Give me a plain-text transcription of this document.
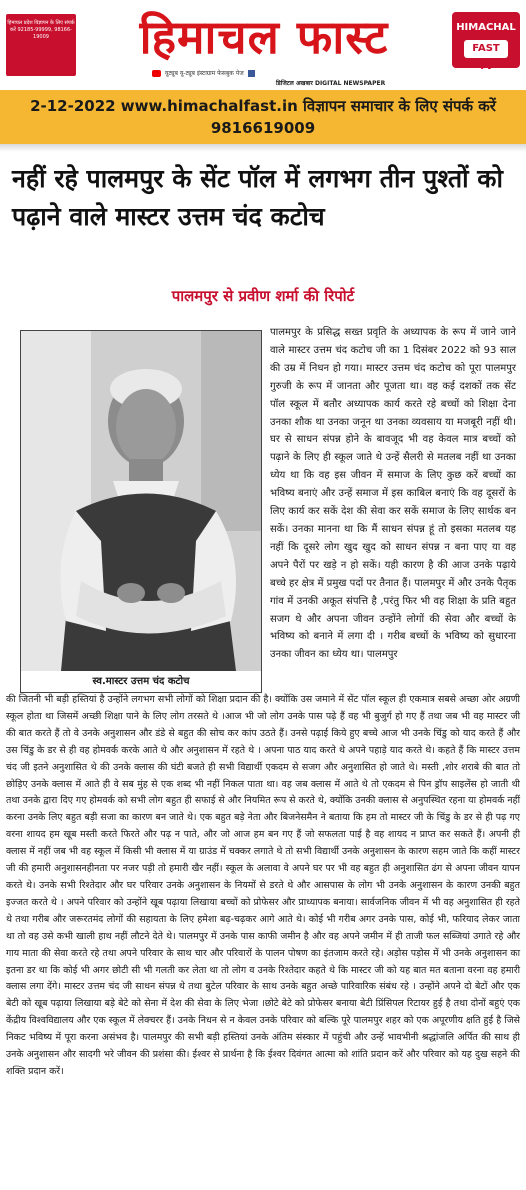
हिमाचल प्रदेश विज्ञापन के लिए संपर्क करें 92185-99999, 98166-19009	हिमाचल फास्ट	HIMACHAL
FAST TV
यूट्यूब यू-ट्यूब इंस्टाग्राम फेसबुक पेज
डिजिटल अखबार DIGITAL NEWSPAPER
2-12-2022 www.himachalfast.in विज्ञापन समाचार के लिए संपर्क करें
9816619009
नहीं रहे पालमपुर के सेंट पॉल में लगभग तीन पुश्तों को पढ़ाने वाले मास्टर उत्तम चंद कटोच
पालमपुर से प्रवीण शर्मा की रिपोर्ट
स्व.मास्टर उत्तम चंद कटोच

पालमपुर के प्रसिद्ध सख्त प्रवृति के अध्यापक के रूप में जाने जाने वाले मास्टर उत्तम चंद कटोच जी का 1 दिसंबर 2022 को 93 साल की उम्र में निधन हो गया। मास्टर उत्तम चंद कटोच को पूरा पालमपुर गुरुजी के रूप में जानता और पूजता था। वह कई दशकों तक सेंट पॉल स्कूल में बतौर अध्यापक कार्य करते रहे बच्चों को शिक्षा देना उनका शौक था उनका जनून था उनका व्यवसाय या मजबूरी नहीं थी। घर से साधन संपन्न होने के बावजूद भी वह केवल मात्र बच्चों को पढ़ाने के लिए ही स्कूल जाते थे उन्हें सैलरी से मतलब नहीं था उनका ध्येय था कि वह इस जीवन में समाज के लिए कुछ करें बच्चों का भविष्य बनाएं और उन्हें समाज में इस काबिल बनाएं कि वह दूसरों के लिए कार्य कर सकें देश की सेवा कर सकें समाज के लिए सार्थक बन सकें। उनका मानना था कि मैं साधन संपन्न हूं तो इसका मतलब यह नहीं कि दूसरे लोग खुद खुद को साधन संपन्न न बना पाए या वह अपने पैरों पर खड़े न हो सकें। यही कारण है की आज उनके पढ़ाये बच्चे हर क्षेत्र में प्रमुख पदों पर तैनात हैं। पालमपुर में और उनके पैतृक गांव में उनकी अकूत संपत्ति है ,परंतु फिर भी वह शिक्षा के प्रति बहुत सजग थे और अपना जीवन उन्होंने लोगों की सेवा और बच्चों के भविष्य को बनाने में लगा दी । गरीब बच्चों के भविष्य को सुधारना उनका जीवन का ध्येय था। पालमपुर

की जितनी भी बड़ी हस्तियां है उन्होंने लगभग सभी लोगों को शिक्षा प्रदान की है। क्योंकि उस जमाने में सेंट पॉल स्कूल ही एकमात्र सबसे अच्छा ओर अग्रणी स्कूल होता था जिसमें अच्छी शिक्षा पाने के लिए लोग तरसते थे ।आज भी जो लोग उनके पास पढ़े हैं वह भी बुजुर्ग हो गए हैं तथा जब भी वह मास्टर जी की बात करते हैं तो वे उनके अनुशासन और डंडे से बहुत की सोच कर कांप उठते हैं। उनसे पढ़ाई किये हुए बच्चे आज भी उनके चिंडु को याद करते हैं और उस चिंडु के डर से ही वह होमवर्क करके आते थे और अनुशासन में रहते थे । अपना पाठ याद करते थे अपने पहाड़े याद करते थे। कहते हैं कि मास्टर उत्तम चंद जी इतने अनुशासित थे की उनके क्लास की घंटी बजते ही सभी विद्यार्थी एकदम से सजग और अनुशासित हो जाते थे। मस्ती ,शोर शराबे की बात तो छोड़िए उनके क्लास में आते ही वे सब मुंह से एक शब्द भी नहीं निकल पाता था। वह जब क्लास में आते थे तो एकदम से पिन ड्रॉप साइलेंस हो जाती थी तथा उनके द्वारा दिए गए होमवर्क को सभी लोग बहुत ही सफाई से और नियमित रूप से करते थे, क्योंकि उनकी क्लास से अनुपस्थित रहना या होमवर्क नहीं करना उनके लिए बहुत बड़ी सजा का कारण बन जाते थे। एक बहुत बड़े नेता और बिजनेसमैन ने बताया कि हम तो मास्टर जी के चिंडु के डर से ही पढ़ गए वरना शायद हम खूब मस्ती करते फिरते और पढ़ न पाते, और जो आज हम बन गए हैं जो सफलता पाई है वह शायद न प्राप्त कर सकते हैं। अपनी ही क्लास में नहीं जब भी वह स्कूल में किसी भी क्लास में या ग्राउंड में चक्कर लगाते थे तो सभी विद्यार्थी उनके अनुशासन के कारण सहम जाते कि कहीं मास्टर जी की हमारी अनुशासनहीनता पर नजर पड़ी तो हमारी खैर नहीं। स्कूल के अलावा वे अपने घर पर भी वह बहुत ही अनुशासित ढंग से अपना जीवन यापन करते थे। उनके सभी रिश्तेदार और घर परिवार उनके अनुशासन के नियमों से डरते थे और आसपास के लोग भी उनके अनुशासन के कारण उनकी बहुत इज्जत करते थे । अपने परिवार को उन्होंने खूब पढ़ाया लिखाया बच्चों को प्रोफेसर और प्राध्यापक बनाया। सार्वजनिक जीवन में भी वह अनुशासित ही रहते थे तथा गरीब और जरूरतमंद लोगों की सहायता के लिए हमेशा बढ़-चढ़कर आगे आते थे। कोई भी गरीब अगर उनके पास, कोई भी, फरियाद लेकर जाता था तो वह उसे कभी खाली हाथ नहीं लौटने देते थे। पालमपुर में उनके पास काफी जमीन है और वह अपने जमीन में ही ताजी फल सब्जियां उगाते रहे और गाय माता की सेवा करते रहे तथा अपने परिवार के साथ चार और परिवारों के पालन पोषण का इंतजाम करते रहे। अड़ोस पड़ोस में भी उनके अनुशासन का इतना डर था कि कोई भी अगर छोटी सी भी गलती कर लेता था तो लोग व उनके रिश्तेदार कहते थे कि मास्टर जी को यह बात मत बताना वरना वह हमारी क्लास लगा देंगे। मास्टर उत्तम चंद जी साधन संपन्न थे तथा बुटेल परिवार के साथ उनके बहुत अच्छे पारिवारिक संबंध रहे । उन्होंने अपने दो बेटों और एक बेटी को खूब पढ़ाया लिखाया बड़े बेटे को सेना में देश की सेवा के लिए भेजा ।छोटे बेटे को प्रोफेसर बनाया बेटी प्रिंसिपल रिटायर हुई है तथा दोनों बहुएं एक केंद्रीय विश्वविद्यालय और एक स्कूल में लेक्चरर हैं। उनके निधन से न केवल उनके परिवार को बल्कि पूरे पालमपुर शहर को एक अपूरणीय क्षति हुई है जिसे निकट भविष्य में पूरा करना असंभव है। पालमपुर की सभी बड़ी हस्तियां उनके अंतिम संस्कार में पहुंची और उन्हें भावभीनी श्रद्धांजलि अर्पित की साथ ही उनके अनुशासन और सादगी भरे जीवन की प्रशंसा की। ईश्वर से प्रार्थना है कि ईश्वर दिवंगत आत्मा को शांति प्रदान करें और परिवार को यह दुख सहने की शक्ति प्रदान करें।
